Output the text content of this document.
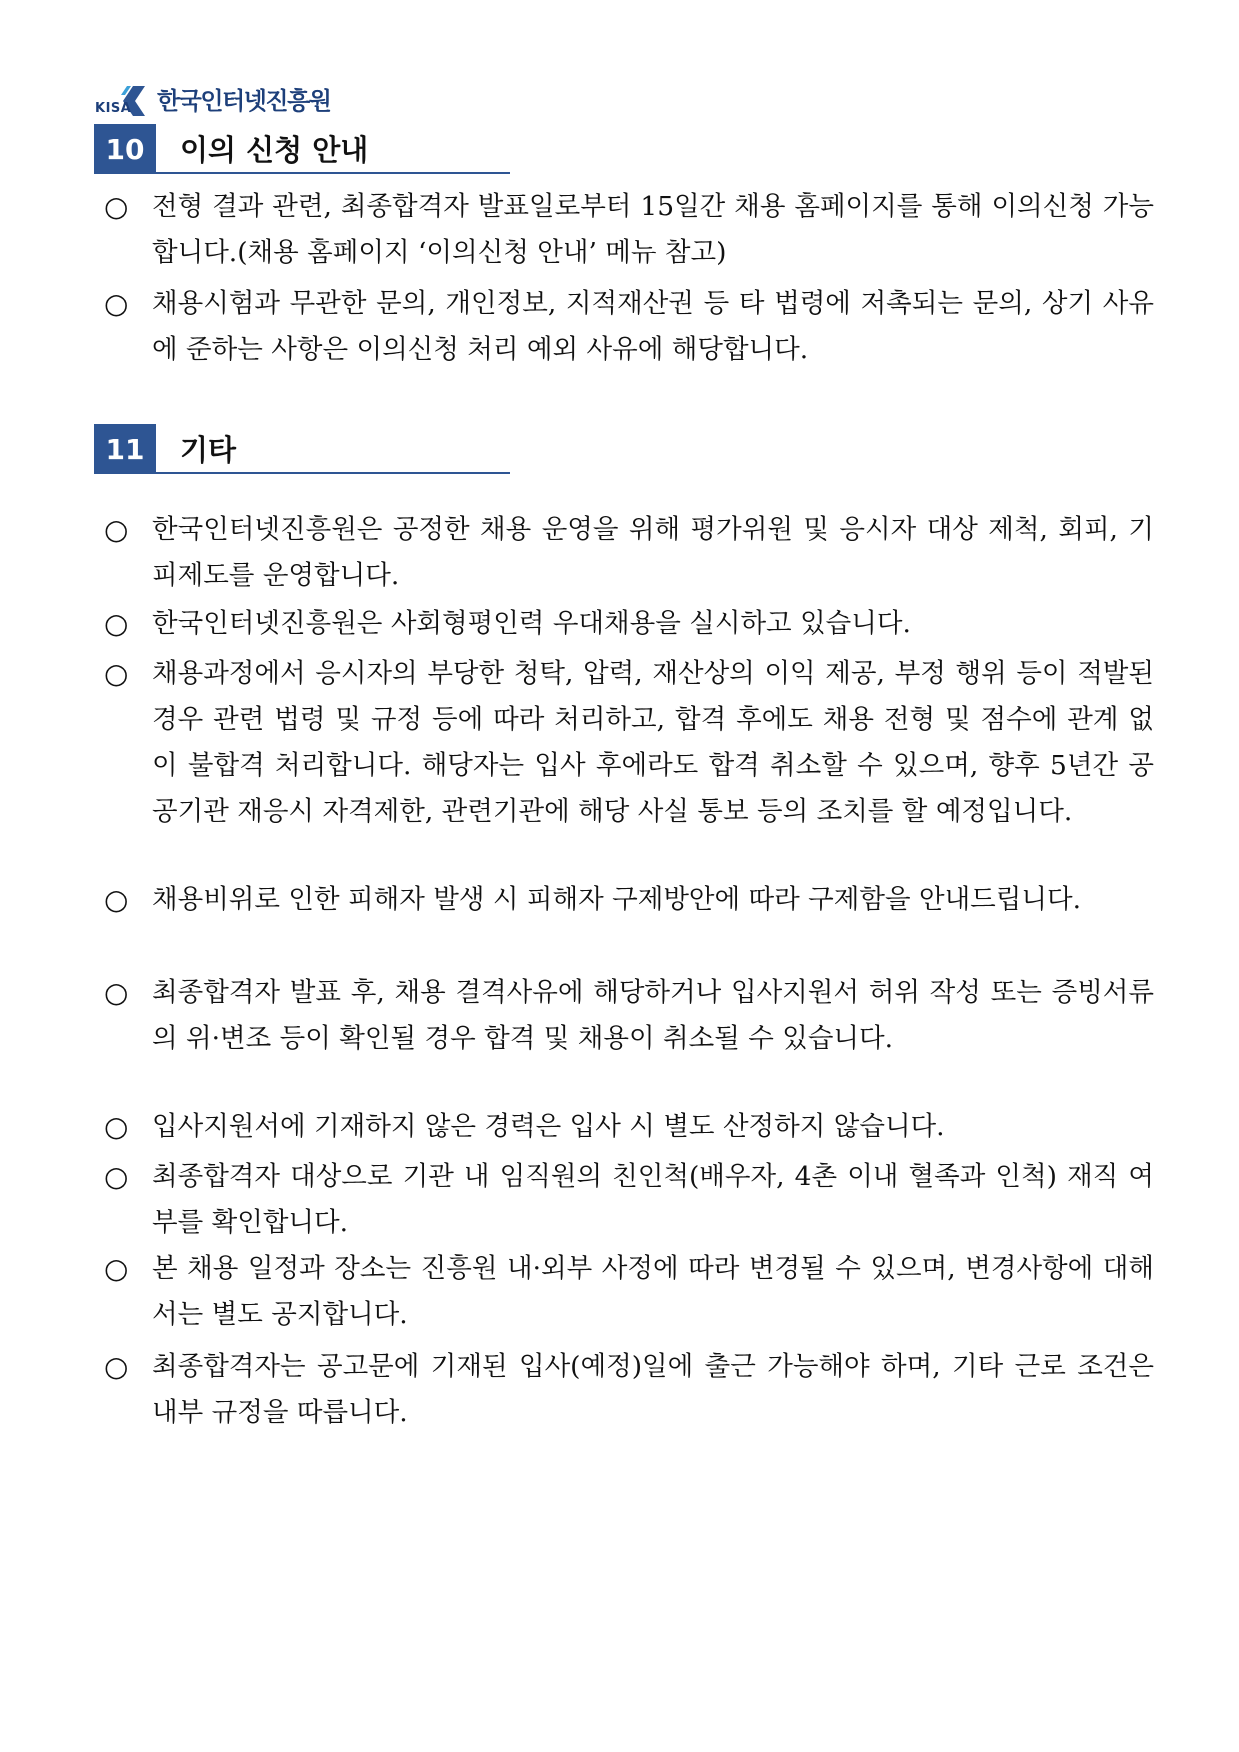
KISA 한국인터넷진흥원
10	이의 신청 안내
○ 전형 결과 관련, 최종합격자 발표일로부터 15일간 채용 홈페이지를 통해 이의신청 가능합니다.(채용 홈페이지 ‘이의신청 안내’ 메뉴 참고)
○ 채용시험과 무관한 문의, 개인정보, 지적재산권 등 타 법령에 저촉되는 문의, 상기 사유에 준하는 사항은 이의신청 처리 예외 사유에 해당합니다.
11	기타
○ 한국인터넷진흥원은 공정한 채용 운영을 위해 평가위원 및 응시자 대상 제척, 회피, 기피제도를 운영합니다.
○ 한국인터넷진흥원은 사회형평인력 우대채용을 실시하고 있습니다.
○ 채용과정에서 응시자의 부당한 청탁, 압력, 재산상의 이익 제공, 부정 행위 등이 적발된 경우 관련 법령 및 규정 등에 따라 처리하고, 합격 후에도 채용 전형 및 점수에 관계 없이 불합격 처리합니다. 해당자는 입사 후에라도 합격 취소할 수 있으며, 향후 5년간 공공기관 재응시 자격제한, 관련기관에 해당 사실 통보 등의 조치를 할 예정입니다.
○ 채용비위로 인한 피해자 발생 시 피해자 구제방안에 따라 구제함을 안내드립니다.
○ 최종합격자 발표 후, 채용 결격사유에 해당하거나 입사지원서 허위 작성 또는 증빙서류의 위·변조 등이 확인될 경우 합격 및 채용이 취소될 수 있습니다.
○ 입사지원서에 기재하지 않은 경력은 입사 시 별도 산정하지 않습니다.
○ 최종합격자 대상으로 기관 내 임직원의 친인척(배우자, 4촌 이내 혈족과 인척) 재직 여부를 확인합니다.
○ 본 채용 일정과 장소는 진흥원 내·외부 사정에 따라 변경될 수 있으며, 변경사항에 대해서는 별도 공지합니다.
○ 최종합격자는 공고문에 기재된 입사(예정)일에 출근 가능해야 하며, 기타 근로 조건은 내부 규정을 따릅니다.
